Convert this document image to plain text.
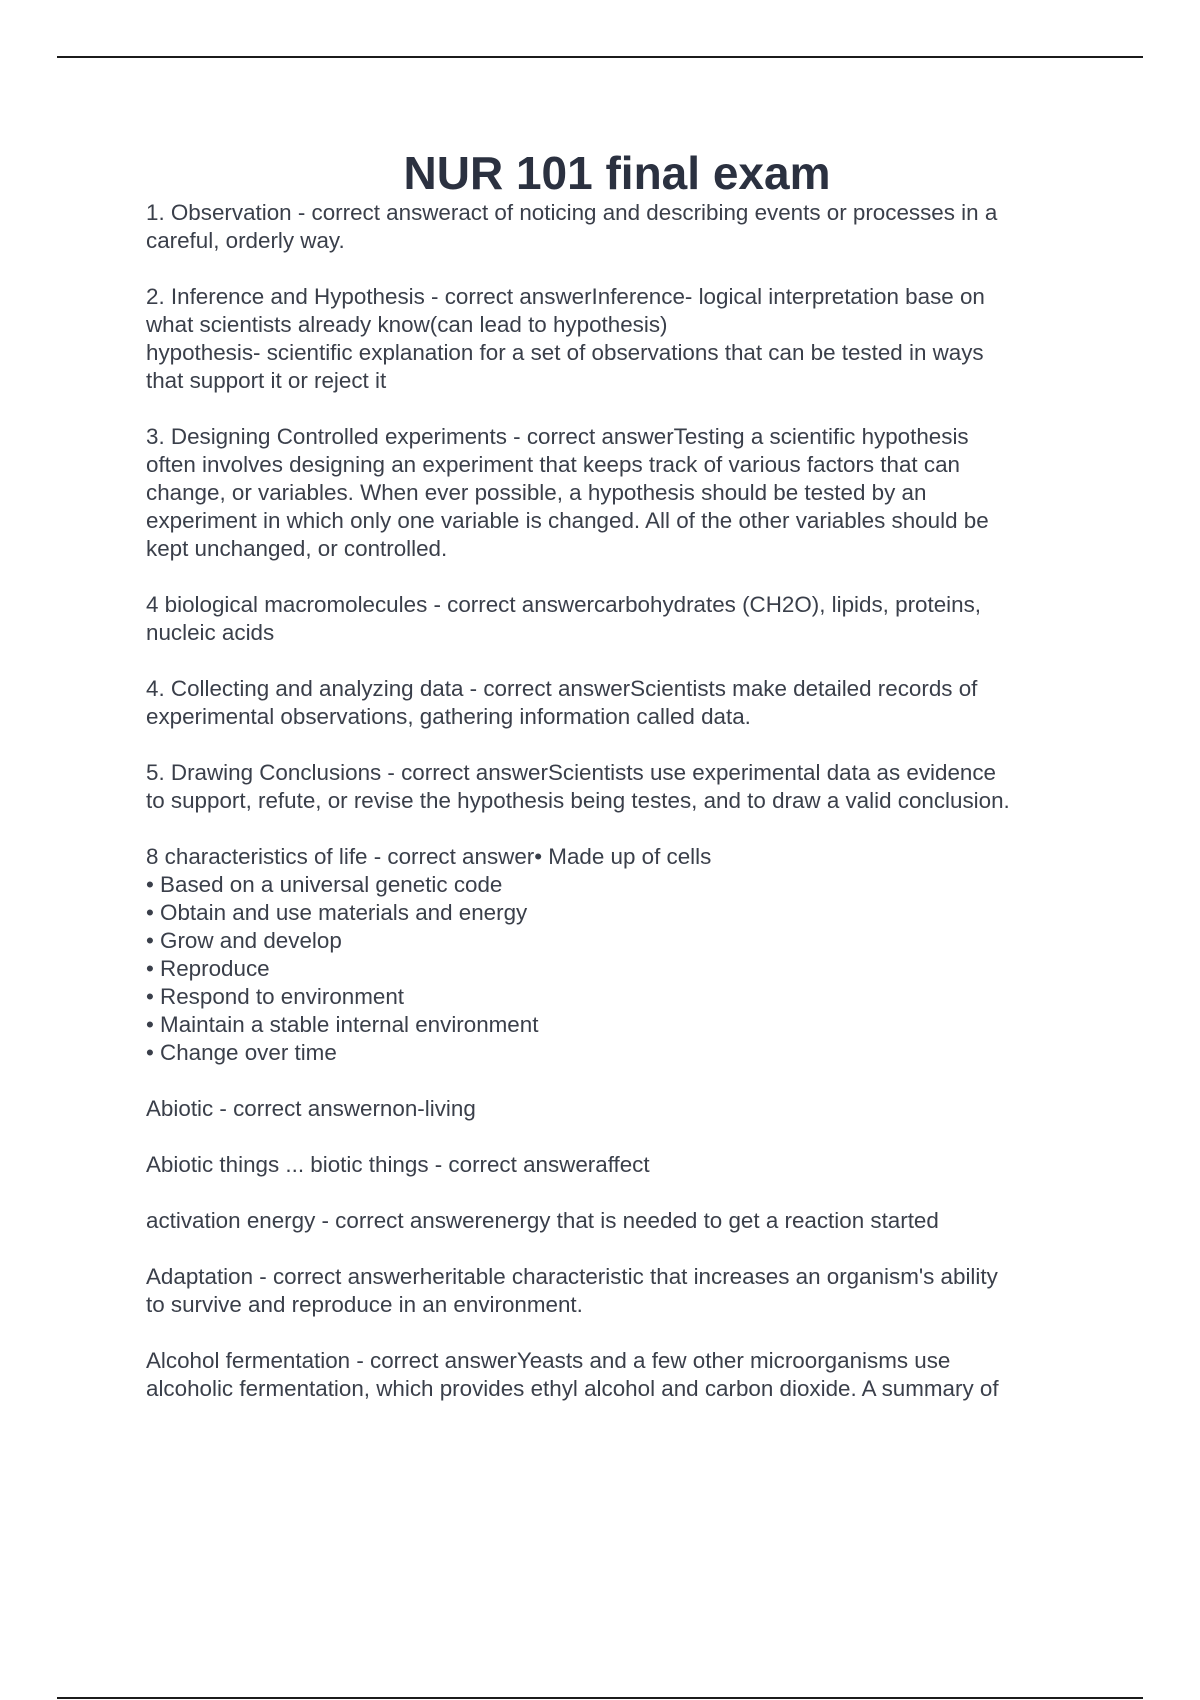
NUR 101 final exam

1. Observation - correct answeract of noticing and describing events or processes in a
careful, orderly way.

2. Inference and Hypothesis - correct answerInference- logical interpretation base on
what scientists already know(can lead to hypothesis)
hypothesis- scientific explanation for a set of observations that can be tested in ways
that support it or reject it

3. Designing Controlled experiments - correct answerTesting a scientific hypothesis
often involves designing an experiment that keeps track of various factors that can
change, or variables. When ever possible, a hypothesis should be tested by an
experiment in which only one variable is changed. All of the other variables should be
kept unchanged, or controlled.

4 biological macromolecules - correct answercarbohydrates (CH2O), lipids, proteins,
nucleic acids

4. Collecting and analyzing data - correct answerScientists make detailed records of
experimental observations, gathering information called data.

5. Drawing Conclusions - correct answerScientists use experimental data as evidence
to support, refute, or revise the hypothesis being testes, and to draw a valid conclusion.

8 characteristics of life - correct answer• Made up of cells
• Based on a universal genetic code
• Obtain and use materials and energy
• Grow and develop
• Reproduce
• Respond to environment
• Maintain a stable internal environment
• Change over time

Abiotic - correct answernon-living

Abiotic things ... biotic things - correct answeraffect

activation energy - correct answerenergy that is needed to get a reaction started

Adaptation - correct answerheritable characteristic that increases an organism's ability
to survive and reproduce in an environment.

Alcohol fermentation - correct answerYeasts and a few other microorganisms use
alcoholic fermentation, which provides ethyl alcohol and carbon dioxide. A summary of
